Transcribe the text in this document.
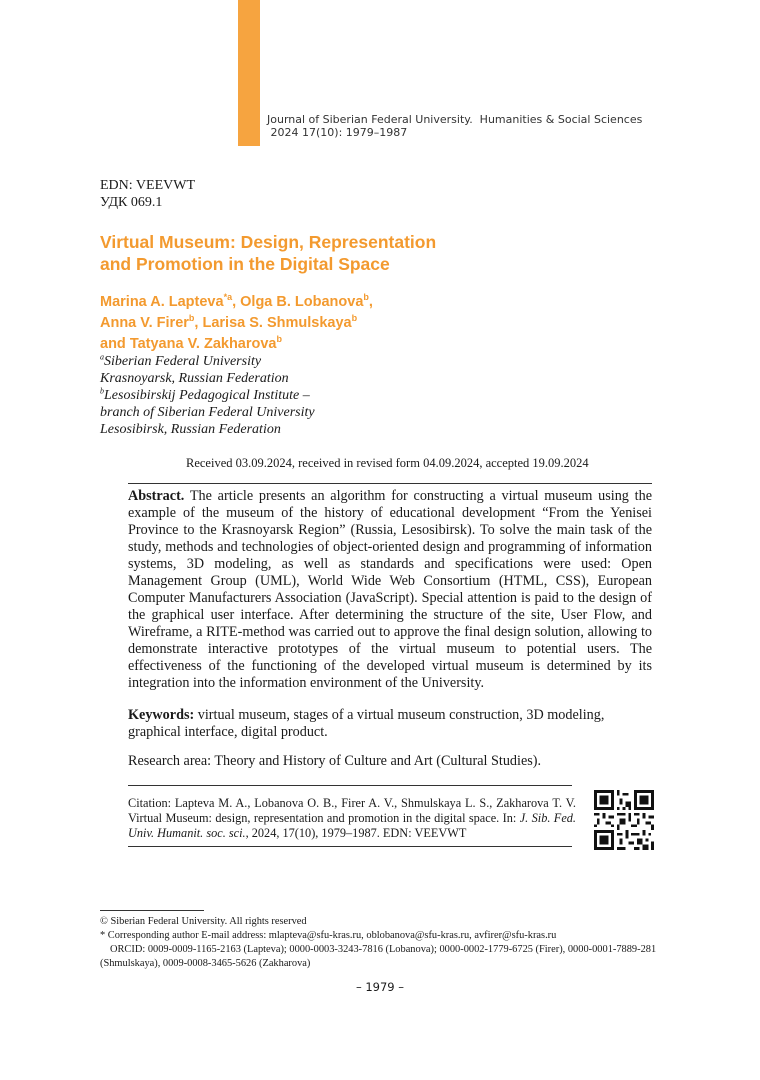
Journal of Siberian Federal University.  Humanities & Social Sciences
2024 17(10): 1979–1987
EDN: VEEVWT
УДК 069.1
Virtual Museum: Design, Representation
and Promotion in the Digital Space
Marina A. Lapteva$^{*a}$, Olga B. Lobanova$^b$,
Anna V. Firer$^b$, Larisa S. Shmulskaya$^b$
and Tatyana V. Zakharova$^b$
$^a$Siberian Federal University
Krasnoyarsk, Russian Federation
$^b$Lesosibirskij Pedagogical Institute –
branch of Siberian Federal University
Lesosibirsk, Russian Federation
Received 03.09.2024, received in revised form 04.09.2024, accepted 19.09.2024
Abstract. The article presents an algorithm for constructing a virtual museum using the example of the museum of the history of educational development “From the Yenisei Province to the Krasnoyarsk Region” (Russia, Lesosibirsk). To solve the main task of the study, methods and technologies of object-oriented design and programming of information systems, 3D modeling, as well as standards and specifications were used: Open Management Group (UML), World Wide Web Consortium (HTML, CSS), European Computer Manufacturers Association (JavaScript). Special attention is paid to the design of the graphical user interface. After determining the structure of the site, User Flow, and Wireframe, a RITE-method was carried out to approve the final design solution, allowing to demonstrate interactive prototypes of the virtual museum to potential users. The effectiveness of the functioning of the developed virtual museum is determined by its integration into the information environment of the University.
Keywords: virtual museum, stages of a virtual museum construction, 3D modeling, graphical interface, digital product.
Research area: Theory and History of Culture and Art (Cultural Studies).
Citation: Lapteva M. A., Lobanova O. B., Firer A. V., Shmulskaya L. S., Zakharova T. V. Virtual Museum: design, representation and promotion in the digital space. In: J. Sib. Fed. Univ. Humanit. soc. sci., 2024, 17(10), 1979–1987. EDN: VEEVWT

© Siberian Federal University. All rights reserved

* Corresponding author E-mail address: mlapteva@sfu-kras.ru, oblobanova@sfu-kras.ru, avfirer@sfu-kras.ru

ORCID: 0009-0009-1165-2163 (Lapteva); 0000-0003-3243-7816 (Lobanova); 0000-0002-1779-6725 (Firer), 0000-0001-7889-281 (Shmulskaya), 0009-0008-3465-5626 (Zakharova)

– 1979 –
